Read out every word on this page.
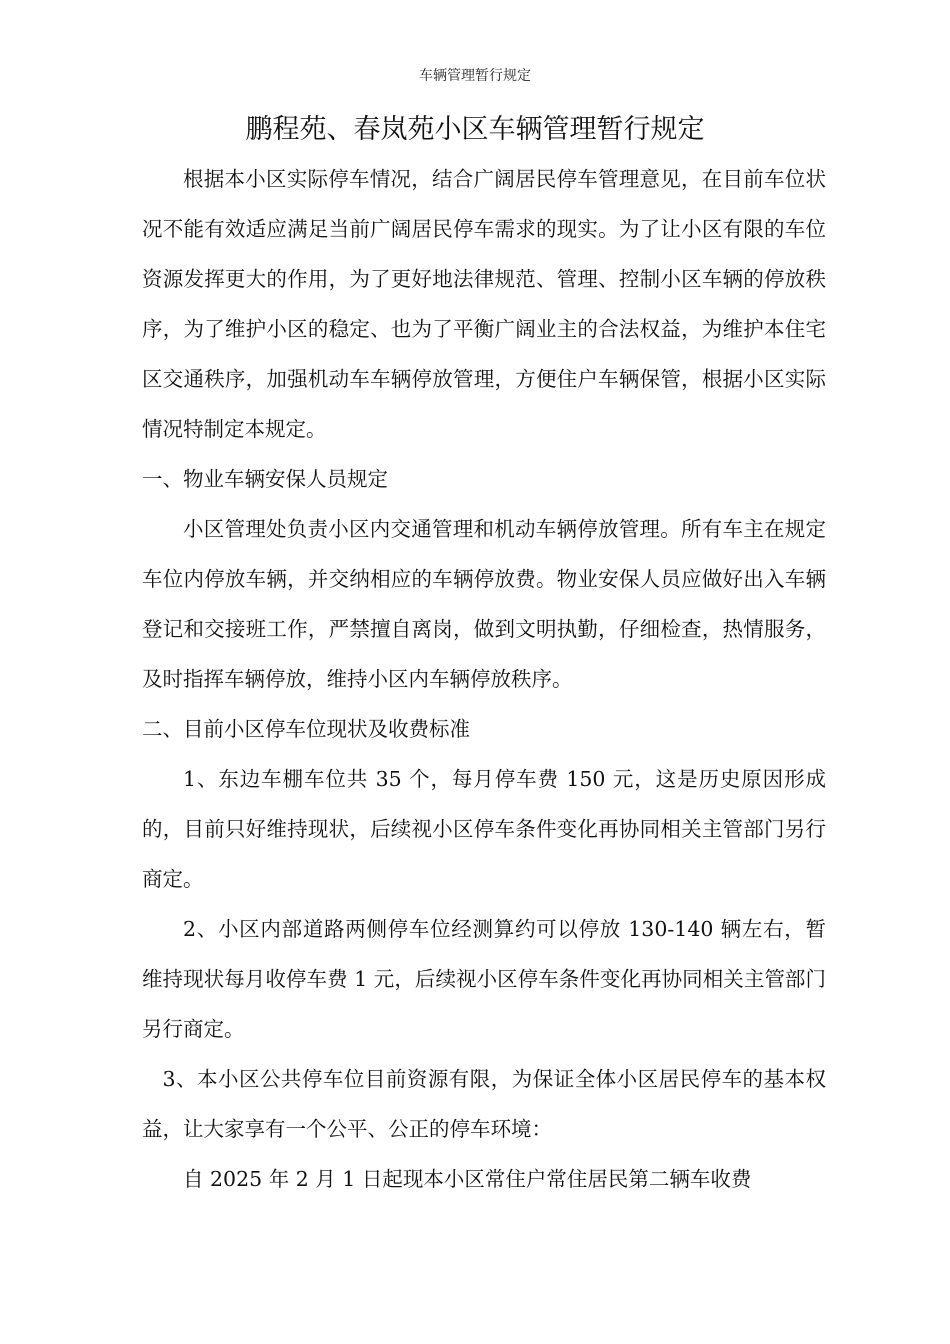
车辆管理暂行规定
鹏程苑、春岚苑小区车辆管理暂行规定

根据本小区实际停车情况，结合广阔居民停车管理意见，在目前车位状况不能有效适应满足当前广阔居民停车需求的现实。为了让小区有限的车位资源发挥更大的作用，为了更好地法律规范、管理、控制小区车辆的停放秩序，为了维护小区的稳定、也为了平衡广阔业主的合法权益，为维护本住宅区交通秩序，加强机动车车辆停放管理，方便住户车辆保管，根据小区实际情况特制定本规定。

一、物业车辆安保人员规定

小区管理处负责小区内交通管理和机动车辆停放管理。所有车主在规定车位内停放车辆，并交纳相应的车辆停放费。物业安保人员应做好出入车辆登记和交接班工作，严禁擅自离岗，做到文明执勤，仔细检查，热情服务，及时指挥车辆停放，维持小区内车辆停放秩序。

二、目前小区停车位现状及收费标准

1、东边车棚车位共 35 个，每月停车费 150 元，这是历史原因形成的，目前只好维持现状，后续视小区停车条件变化再协同相关主管部门另行商定。

2、小区内部道路两侧停车位经测算约可以停放 130-140 辆左右，暂维持现状每月收停车费 1 元，后续视小区停车条件变化再协同相关主管部门另行商定。

3、本小区公共停车位目前资源有限，为保证全体小区居民停车的基本权益，让大家享有一个公平、公正的停车环境：

自 2025 年 2 月 1 日起现本小区常住户常住居民第二辆车收费
